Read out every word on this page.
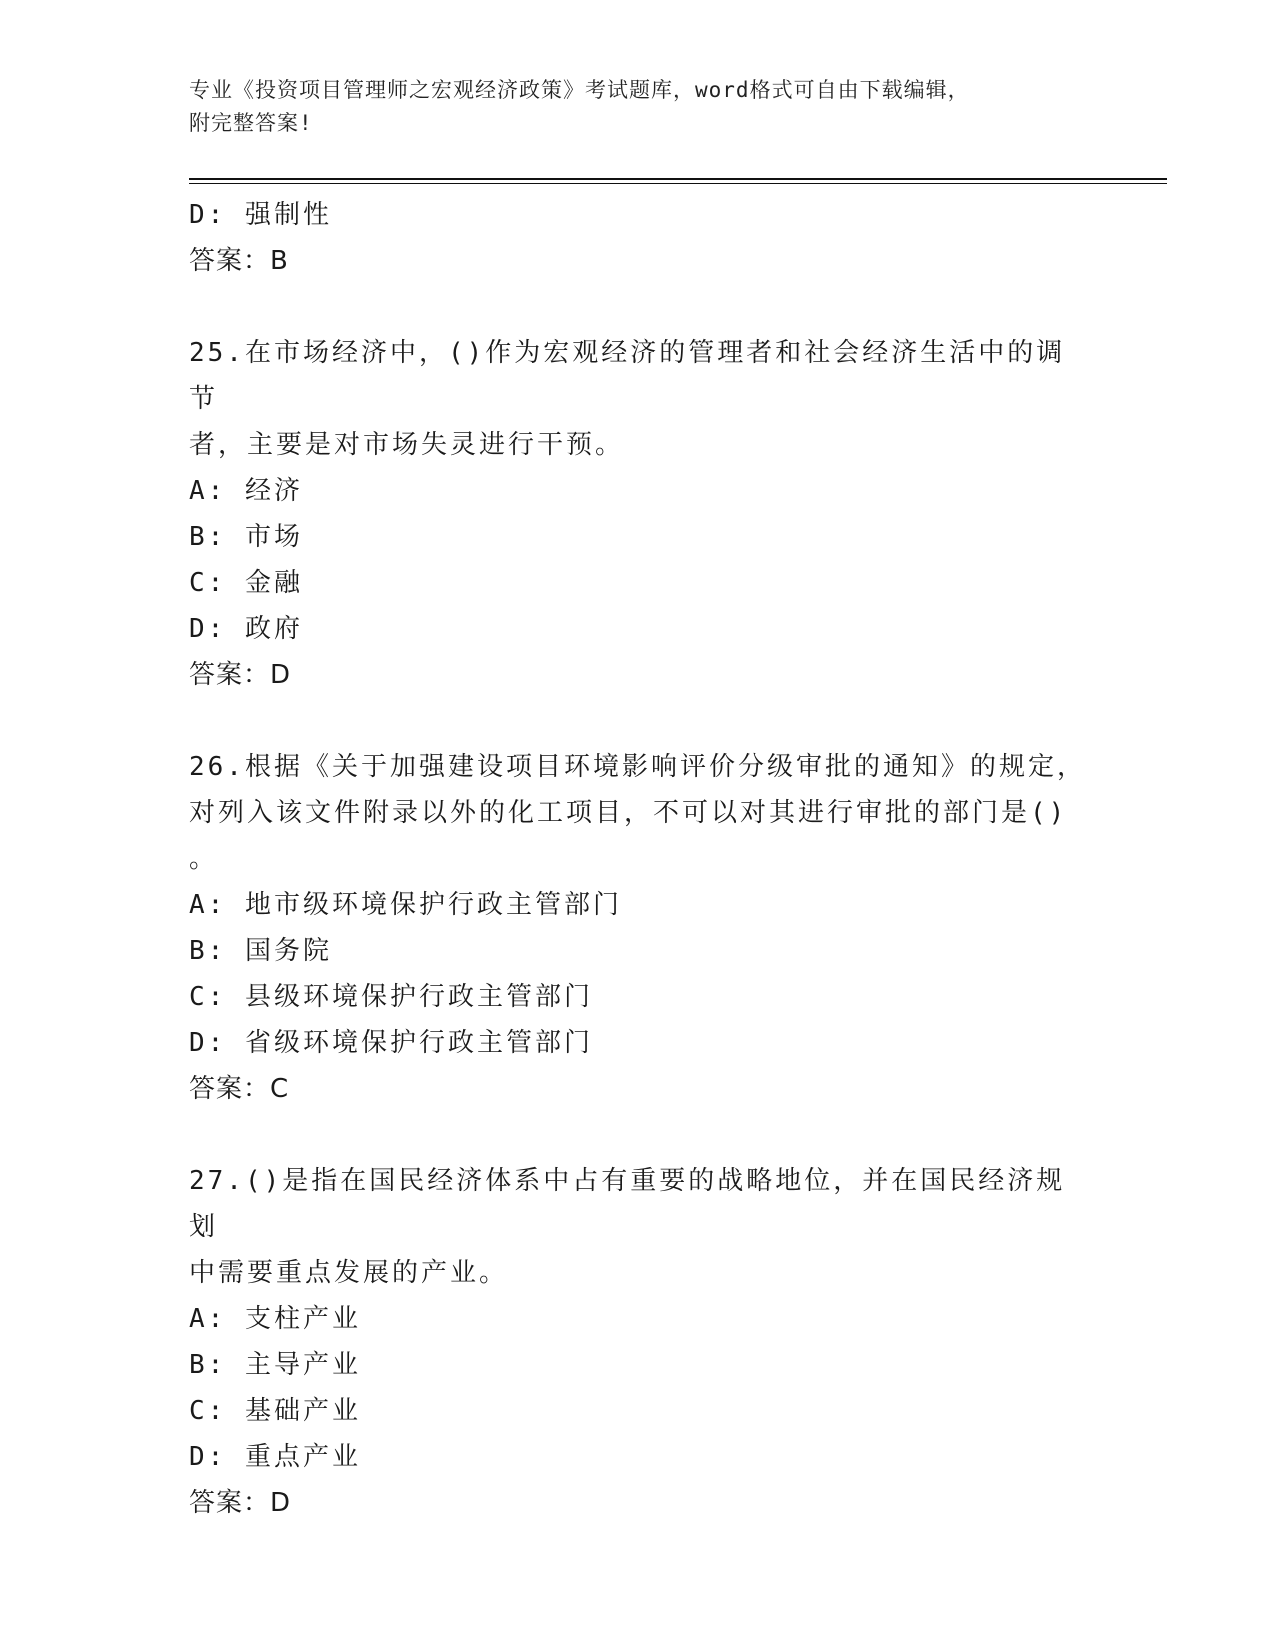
专业《投资项目管理师之宏观经济政策》考试题库，word格式可自由下载编辑，
附完整答案!
D: 强制性
答案：B
25.在市场经济中，()作为宏观经济的管理者和社会经济生活中的调节
者，主要是对市场失灵进行干预。
A: 经济
B: 市场
C: 金融
D: 政府
答案：D
26.根据《关于加强建设项目环境影响评价分级审批的通知》的规定，
对列入该文件附录以外的化工项目，不可以对其进行审批的部门是()
。
A: 地市级环境保护行政主管部门
B: 国务院
C: 县级环境保护行政主管部门
D: 省级环境保护行政主管部门
答案：C
27.()是指在国民经济体系中占有重要的战略地位，并在国民经济规划
中需要重点发展的产业。
A: 支柱产业
B: 主导产业
C: 基础产业
D: 重点产业
答案：D
